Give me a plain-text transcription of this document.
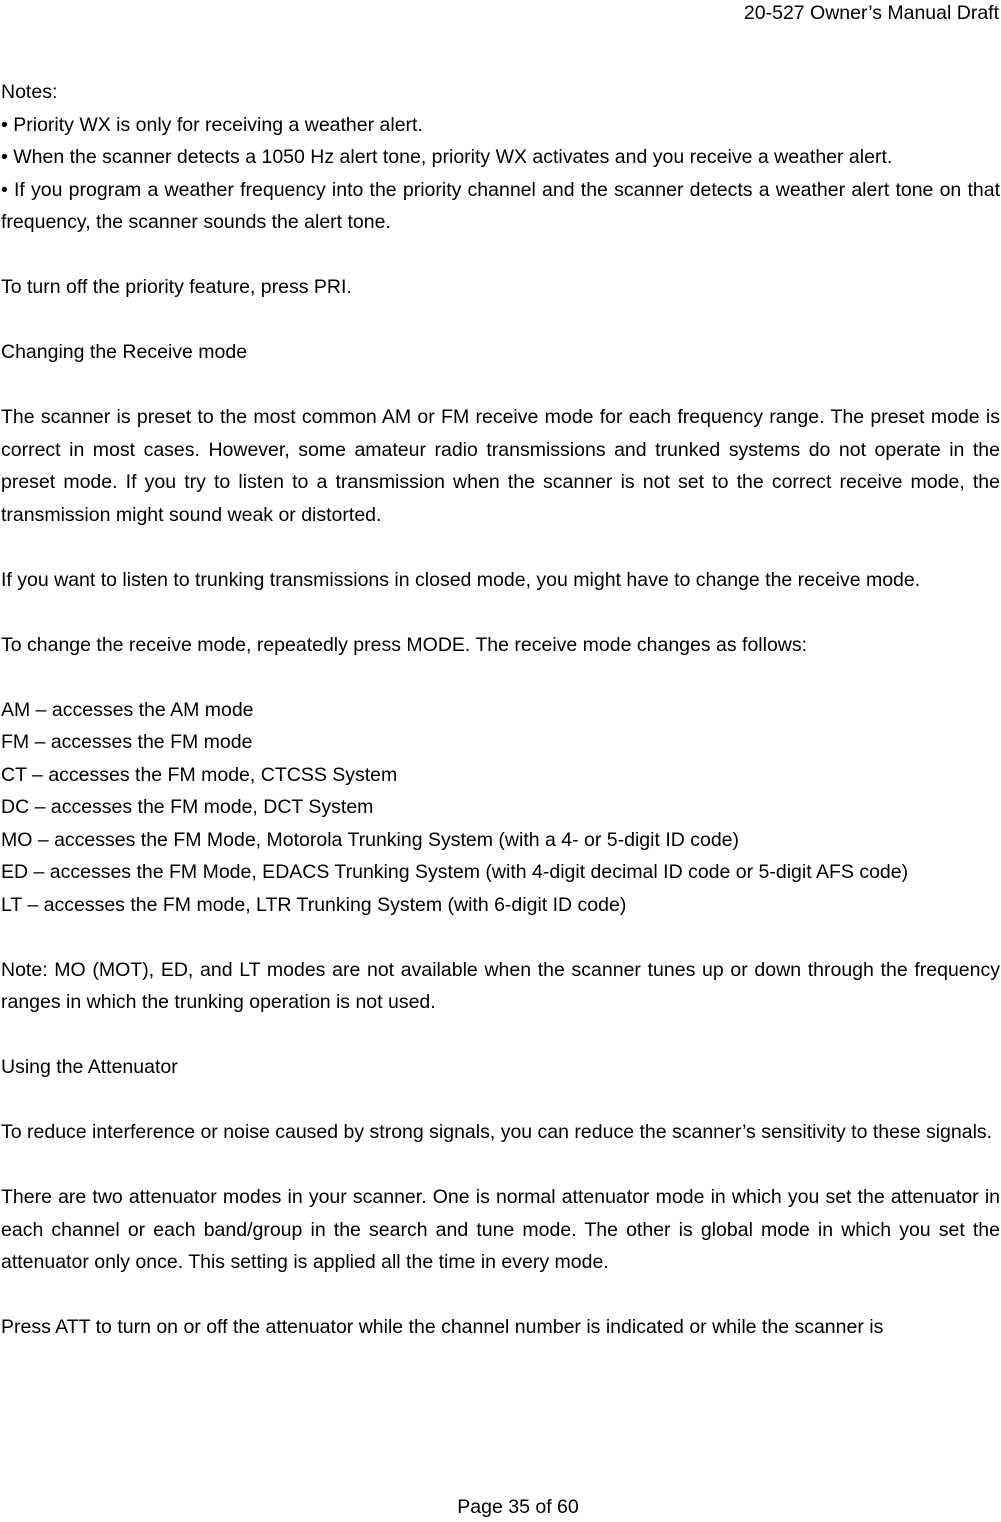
20-527 Owner’s Manual Draft
Notes:
• Priority WX is only for receiving a weather alert.
• When the scanner detects a 1050 Hz alert tone, priority WX activates and you receive a weather alert.
• If you program a weather frequency into the priority channel and the scanner detects a weather alert tone on that frequency, the scanner sounds the alert tone.

To turn off the priority feature, press PRI.

Changing the Receive mode

The scanner is preset to the most common AM or FM receive mode for each frequency range. The preset mode is correct in most cases. However, some amateur radio transmissions and trunked systems do not operate in the preset mode. If you try to listen to a transmission when the scanner is not set to the correct receive mode, the transmission might sound weak or distorted.

If you want to listen to trunking transmissions in closed mode, you might have to change the receive mode.

To change the receive mode, repeatedly press MODE. The receive mode changes as follows:

AM – accesses the AM mode
FM – accesses the FM mode
CT – accesses the FM mode, CTCSS System
DC – accesses the FM mode, DCT System
MO – accesses the FM Mode, Motorola Trunking System (with a 4- or 5-digit ID code)
ED – accesses the FM Mode, EDACS Trunking System (with 4-digit decimal ID code or 5-digit AFS code)
LT – accesses the FM mode, LTR Trunking System (with 6-digit ID code)

Note: MO (MOT), ED, and LT modes are not available when the scanner tunes up or down through the frequency ranges in which the trunking operation is not used.

Using the Attenuator

To reduce interference or noise caused by strong signals, you can reduce the scanner’s sensitivity to these signals.

There are two attenuator modes in your scanner. One is normal attenuator mode in which you set the attenuator in each channel or each band/group in the search and tune mode. The other is global mode in which you set the attenuator only once. This setting is applied all the time in every mode.

Press ATT to turn on or off the attenuator while the channel number is indicated or while the scanner is

Page 35 of 60
